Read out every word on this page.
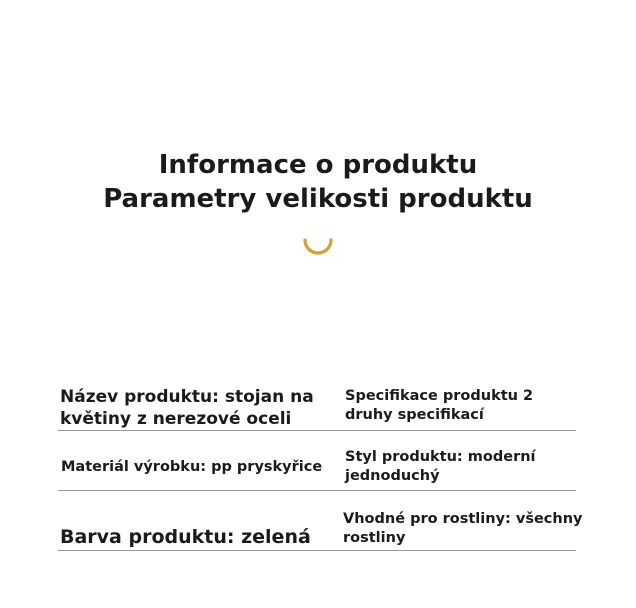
Informace o produktu
Parametry velikosti produktu
Název produktu: stojan na květiny z nerezové oceli
Specifikace produktu 2 druhy specifikací
Materiál výrobku: pp pryskyřice
Styl produktu: moderní jednoduchý
Barva produktu: zelená
Vhodné pro rostliny: všechny rostliny
